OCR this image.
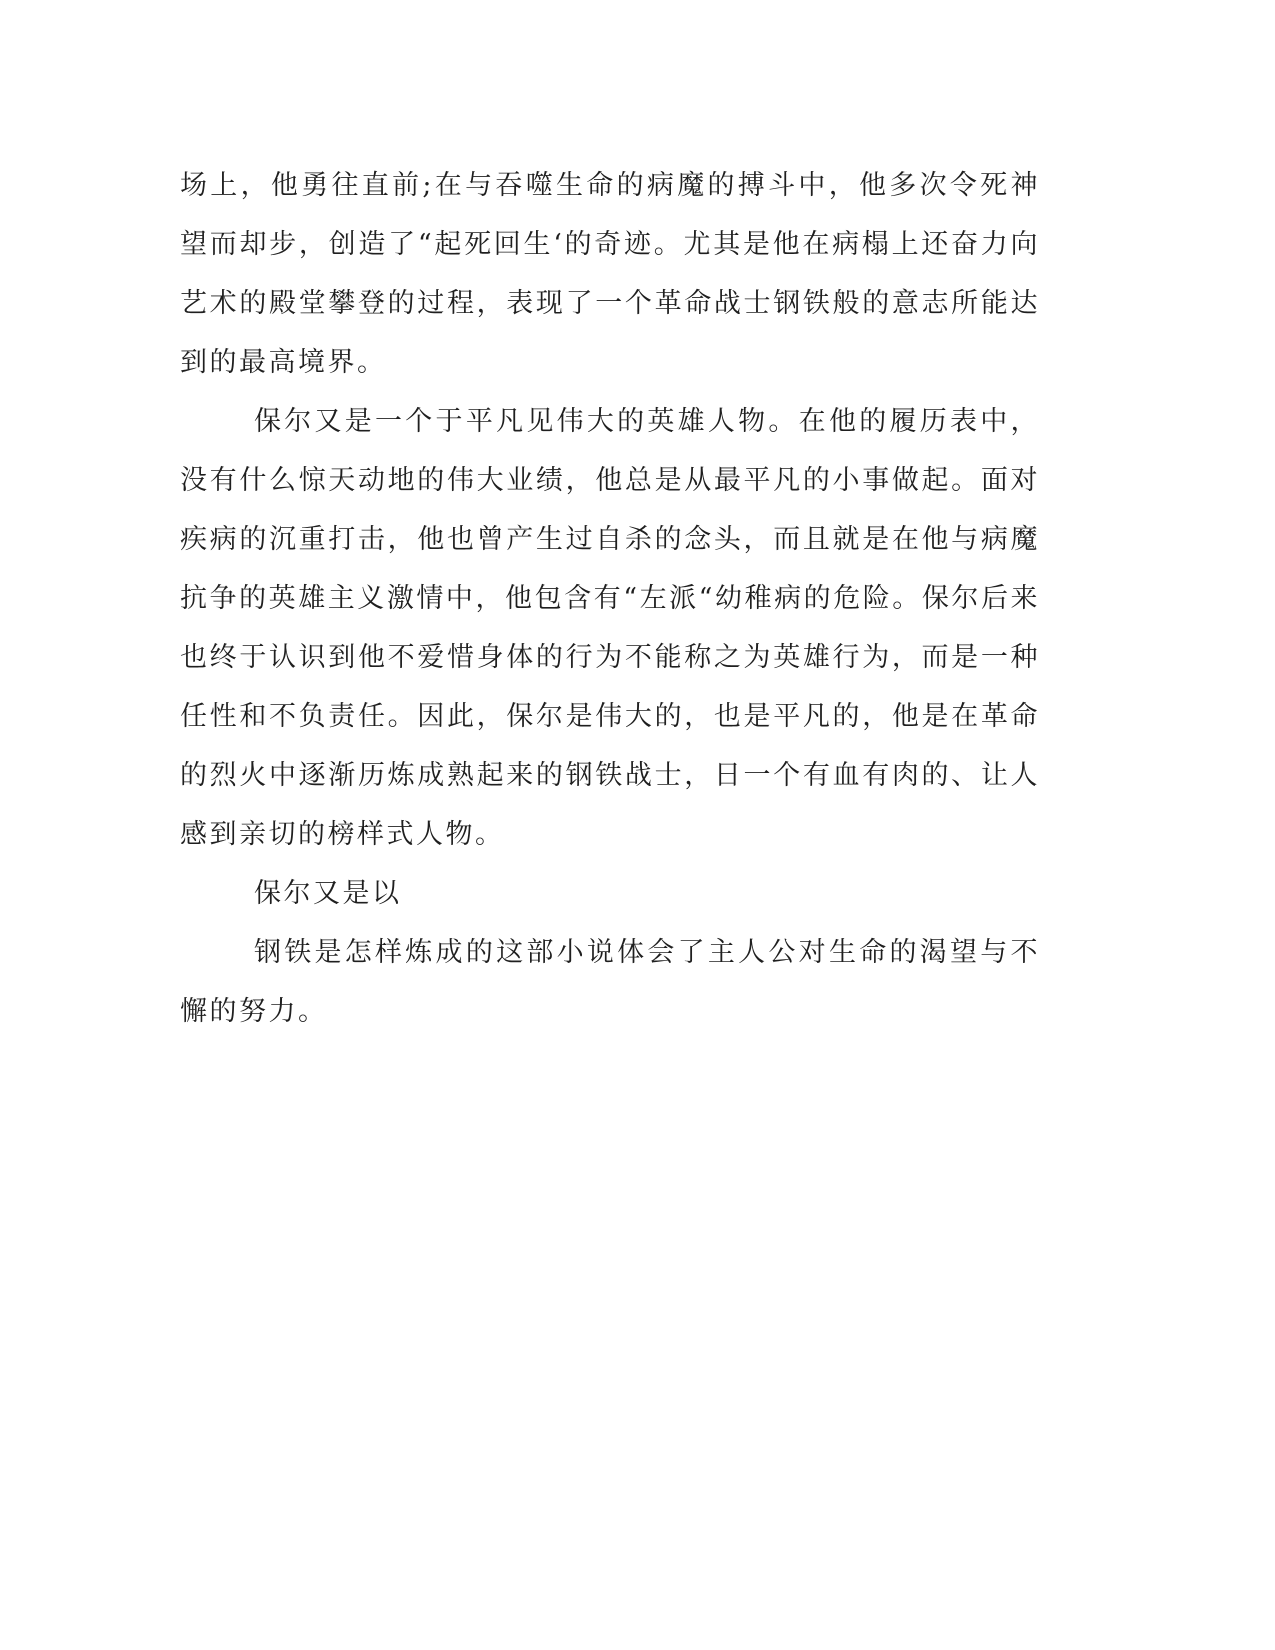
场上，他勇往直前;在与吞噬生命的病魔的搏斗中，他多次令死神望而却步，创造了“起死回生‘的奇迹。尤其是他在病榻上还奋力向艺术的殿堂攀登的过程，表现了一个革命战士钢铁般的意志所能达到的最高境界。

保尔又是一个于平凡见伟大的英雄人物。在他的履历表中，没有什么惊天动地的伟大业绩，他总是从最平凡的小事做起。面对疾病的沉重打击，他也曾产生过自杀的念头，而且就是在他与病魔抗争的英雄主义激情中，他包含有“左派“幼稚病的危险。保尔后来也终于认识到他不爱惜身体的行为不能称之为英雄行为，而是一种任性和不负责任。因此，保尔是伟大的，也是平凡的，他是在革命的烈火中逐渐历炼成熟起来的钢铁战士，日一个有血有肉的、让人感到亲切的榜样式人物。

保尔又是以

钢铁是怎样炼成的这部小说体会了主人公对生命的渴望与不懈的努力。
